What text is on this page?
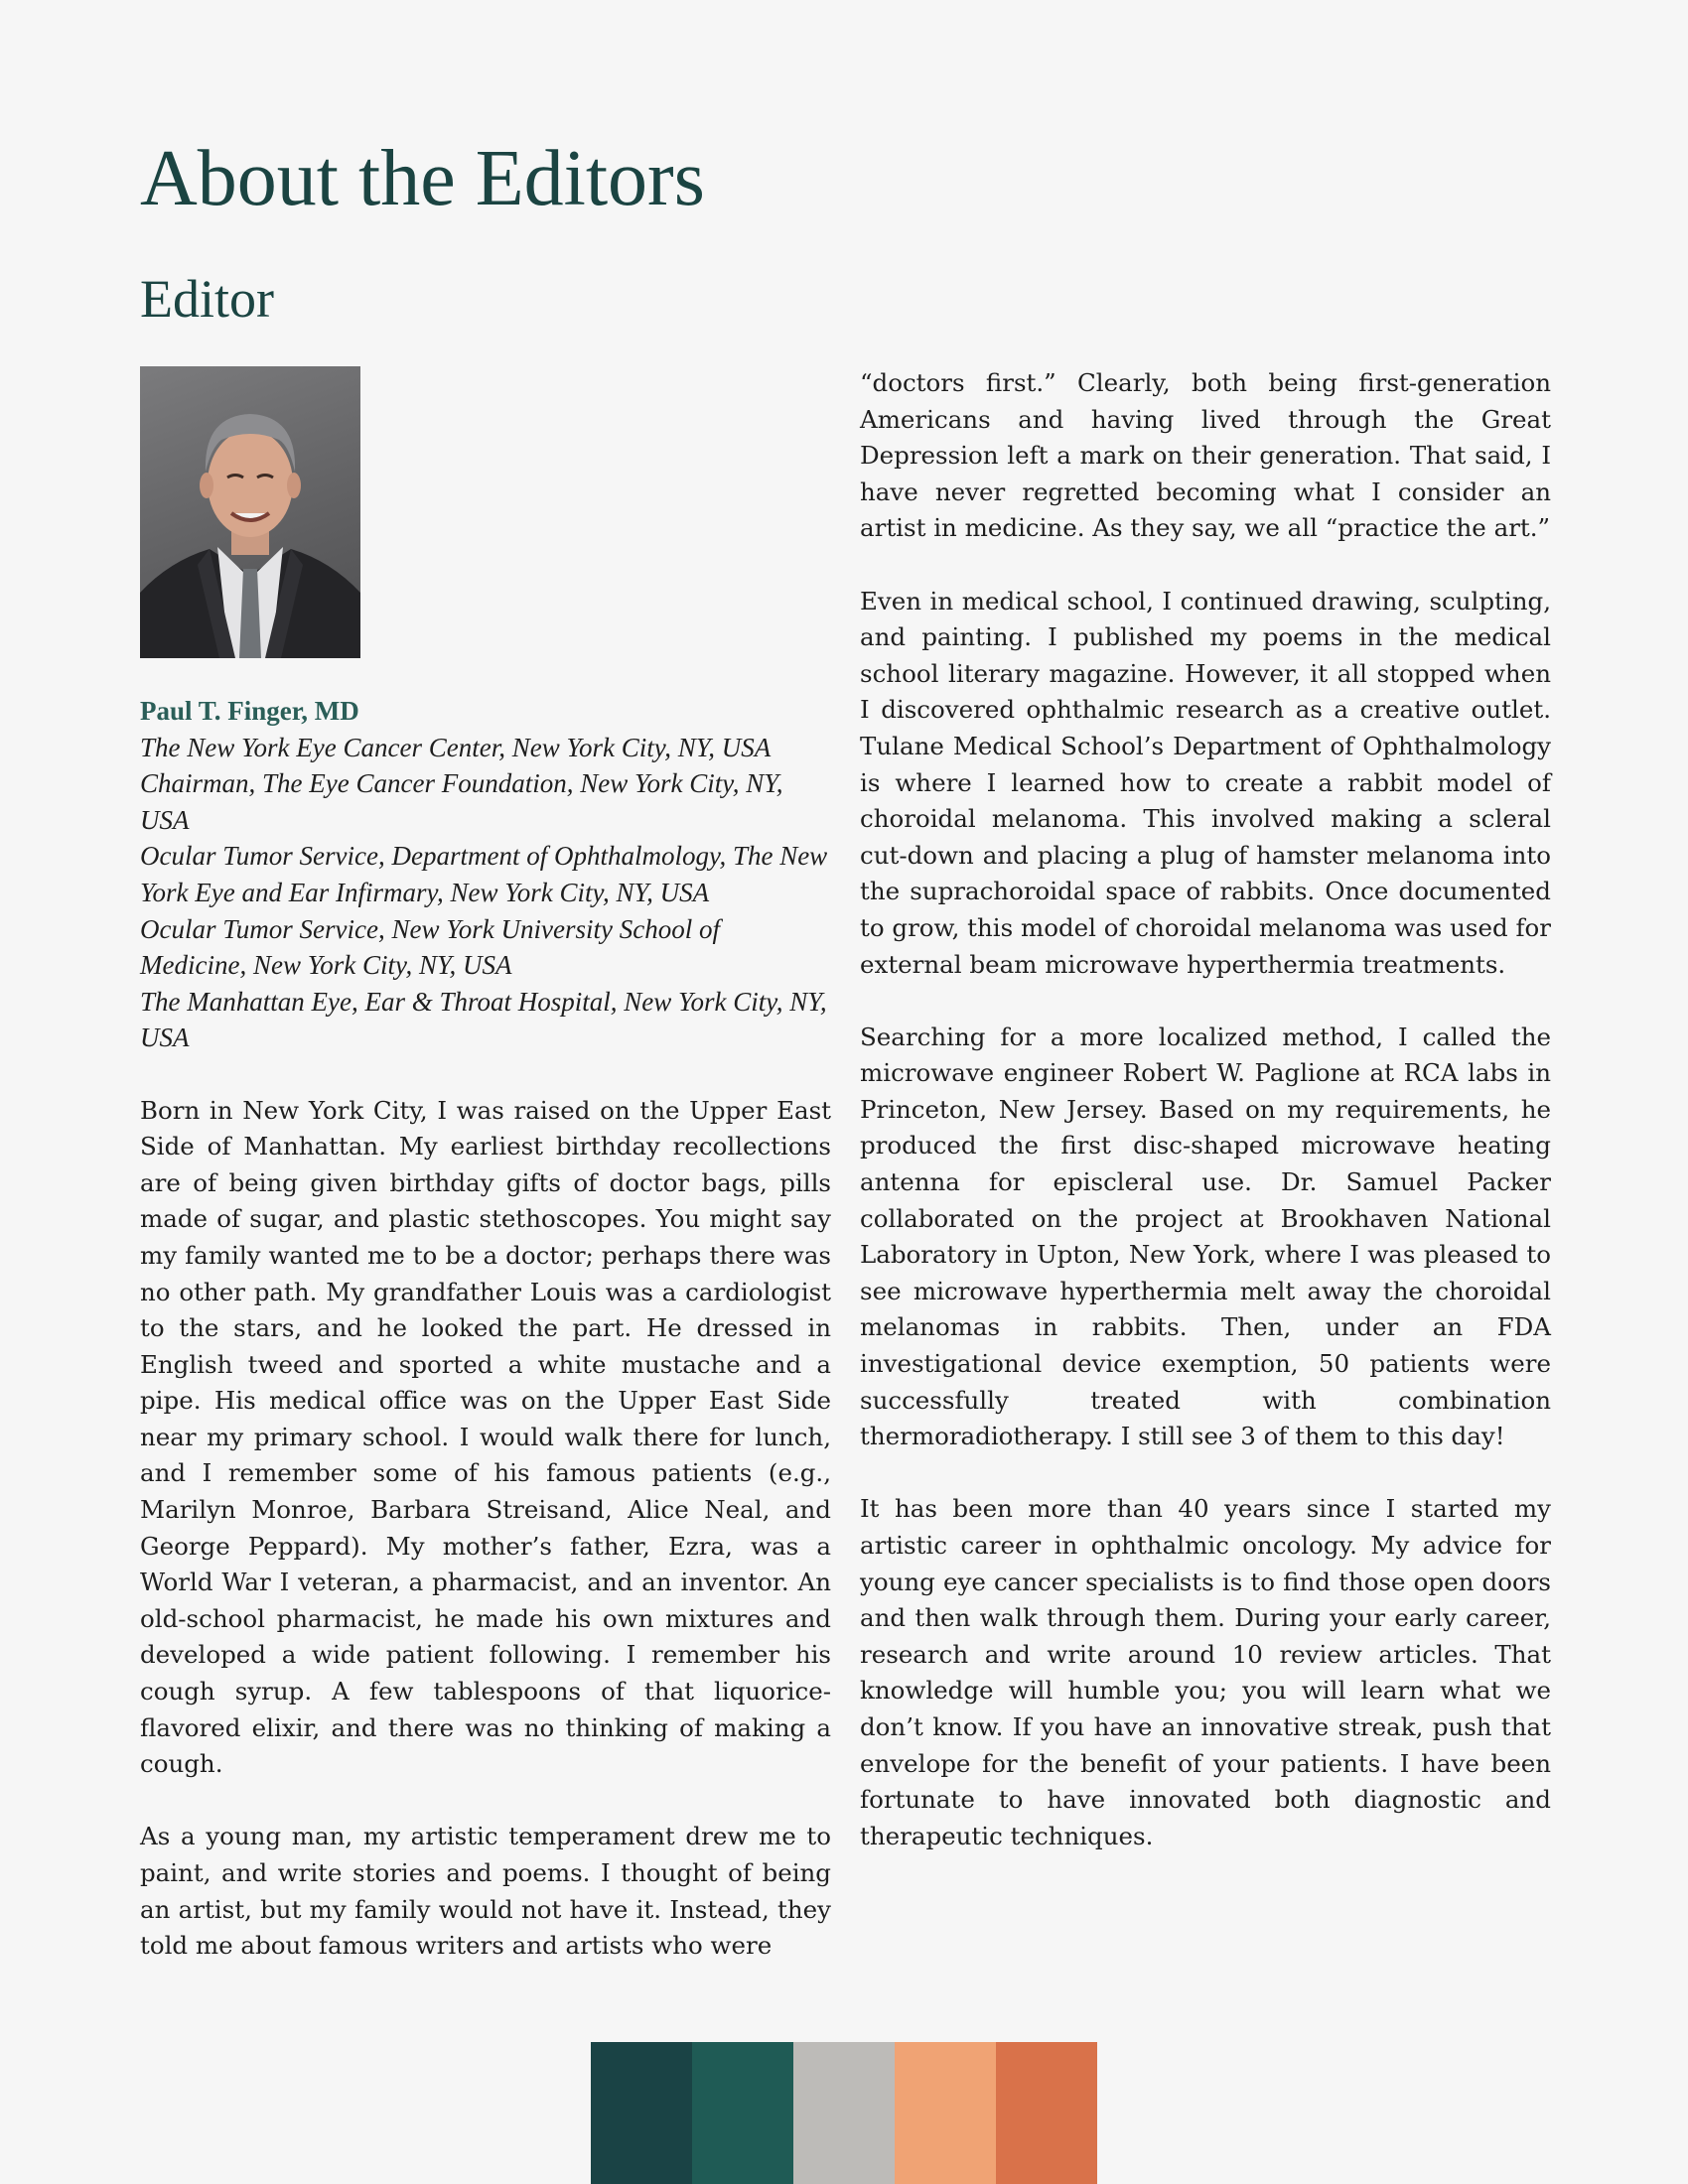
About the Editors
Editor
Paul T. Finger, MD
The New York Eye Cancer Center, New York City, NY, USA
Chairman, The Eye Cancer Foundation, New York City, NY, USA
Ocular Tumor Service, Department of Ophthalmology, The New York Eye and Ear Infirmary, New York City, NY, USA
Ocular Tumor Service, New York University School of Medicine, New York City, NY, USA
The Manhattan Eye, Ear & Throat Hospital, New York City, NY, USA

Born in New York City, I was raised on the Upper East Side of Manhattan. My earliest birthday recollections are of being given birthday gifts of doctor bags, pills made of sugar, and plastic stethoscopes. You might say my family wanted me to be a doctor; perhaps there was no other path. My grandfather Louis was a cardiologist to the stars, and he looked the part. He dressed in English tweed and sported a white mustache and a pipe. His medical office was on the Upper East Side near my primary school. I would walk there for lunch, and I remember some of his famous patients (e.g., Marilyn Monroe, Barbara Streisand, Alice Neal, and George Peppard). My mother’s father, Ezra, was a World War I veteran, a pharmacist, and an inventor. An old-school pharmacist, he made his own mixtures and developed a wide patient following. I remember his cough syrup. A few tablespoons of that liquorice-flavored elixir, and there was no thinking of making a cough.

As a young man, my artistic temperament drew me to paint, and write stories and poems. I thought of being an artist, but my family would not have it. Instead, they told me about famous writers and artists who were

“doctors first.” Clearly, both being first-generation Americans and having lived through the Great Depression left a mark on their generation. That said, I have never regretted becoming what I consider an artist in medicine. As they say, we all “practice the art.”

Even in medical school, I continued drawing, sculpting, and painting. I published my poems in the medical school literary magazine. However, it all stopped when I discovered ophthalmic research as a creative outlet. Tulane Medical School’s Department of Ophthalmology is where I learned how to create a rabbit model of choroidal melanoma. This involved making a scleral cut-down and placing a plug of hamster melanoma into the suprachoroidal space of rabbits. Once documented to grow, this model of choroidal melanoma was used for external beam microwave hyperthermia treatments.

Searching for a more localized method, I called the microwave engineer Robert W. Paglione at RCA labs in Princeton, New Jersey. Based on my requirements, he produced the first disc-shaped microwave heating antenna for episcleral use. Dr. Samuel Packer collaborated on the project at Brookhaven National Laboratory in Upton, New York, where I was pleased to see microwave hyperthermia melt away the choroidal melanomas in rabbits. Then, under an FDA investigational device exemption, 50 patients were successfully treated with combination thermoradiotherapy. I still see 3 of them to this day!

It has been more than 40 years since I started my artistic career in ophthalmic oncology. My advice for young eye cancer specialists is to find those open doors and then walk through them. During your early career, research and write around 10 review articles. That knowledge will humble you; you will learn what we don’t know. If you have an innovative streak, push that envelope for the benefit of your patients. I have been fortunate to have innovated both diagnostic and therapeutic techniques.
